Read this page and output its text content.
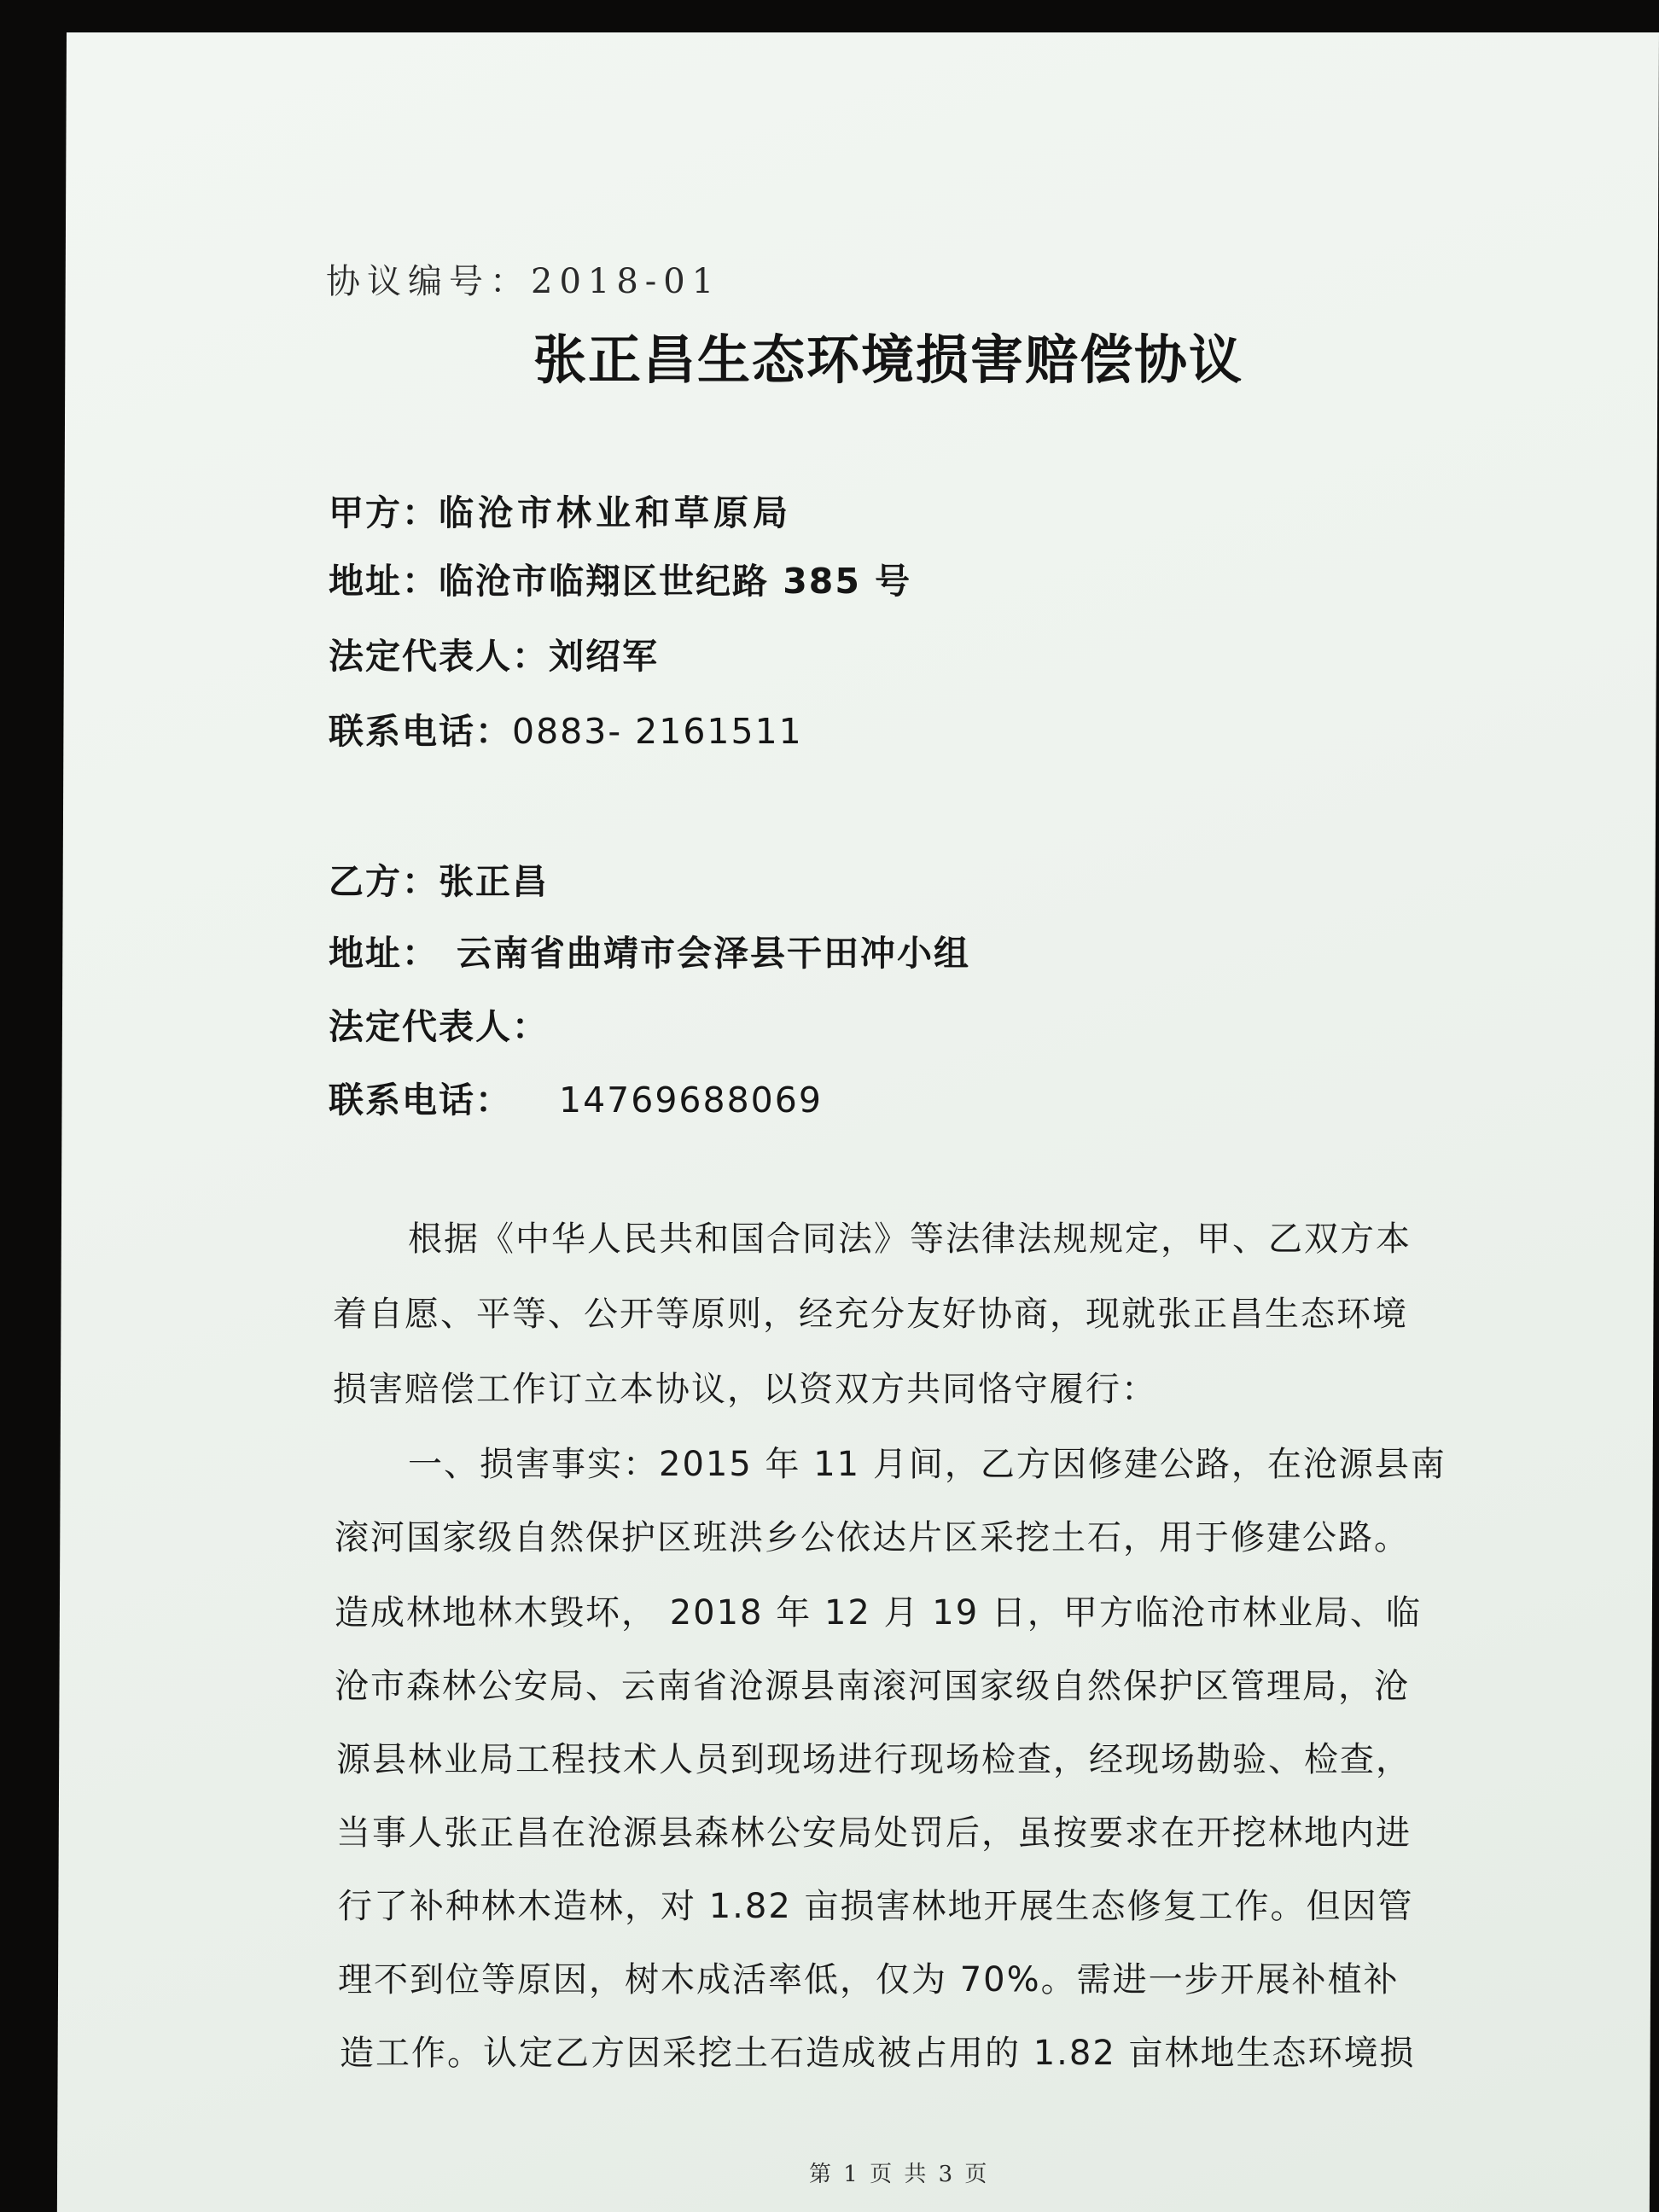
协议编号：2018-01
张正昌生态环境损害赔偿协议
甲方：临沧市林业和草原局
地址：临沧市临翔区世纪路 385 号
法定代表人：刘绍军
联系电话：0883- 2161511
乙方：张正昌
地址： 云南省曲靖市会泽县干田冲小组
法定代表人：
联系电话： 14769688069
根据《中华人民共和国合同法》等法律法规规定，甲、乙双方本
着自愿、平等、公开等原则，经充分友好协商，现就张正昌生态环境
损害赔偿工作订立本协议，以资双方共同恪守履行：
一、损害事实：2015 年 11 月间，乙方因修建公路，在沧源县南
滚河国家级自然保护区班洪乡公依达片区采挖土石，用于修建公路。
造成林地林木毁坏， 2018 年 12 月 19 日，甲方临沧市林业局、临
沧市森林公安局、云南省沧源县南滚河国家级自然保护区管理局，沧
源县林业局工程技术人员到现场进行现场检查，经现场勘验、检查，
当事人张正昌在沧源县森林公安局处罚后，虽按要求在开挖林地内进
行了补种林木造林，对 1.82 亩损害林地开展生态修复工作。但因管
理不到位等原因，树木成活率低，仅为 70%。需进一步开展补植补
造工作。认定乙方因采挖土石造成被占用的 1.82 亩林地生态环境损
第 1 页 共 3 页
